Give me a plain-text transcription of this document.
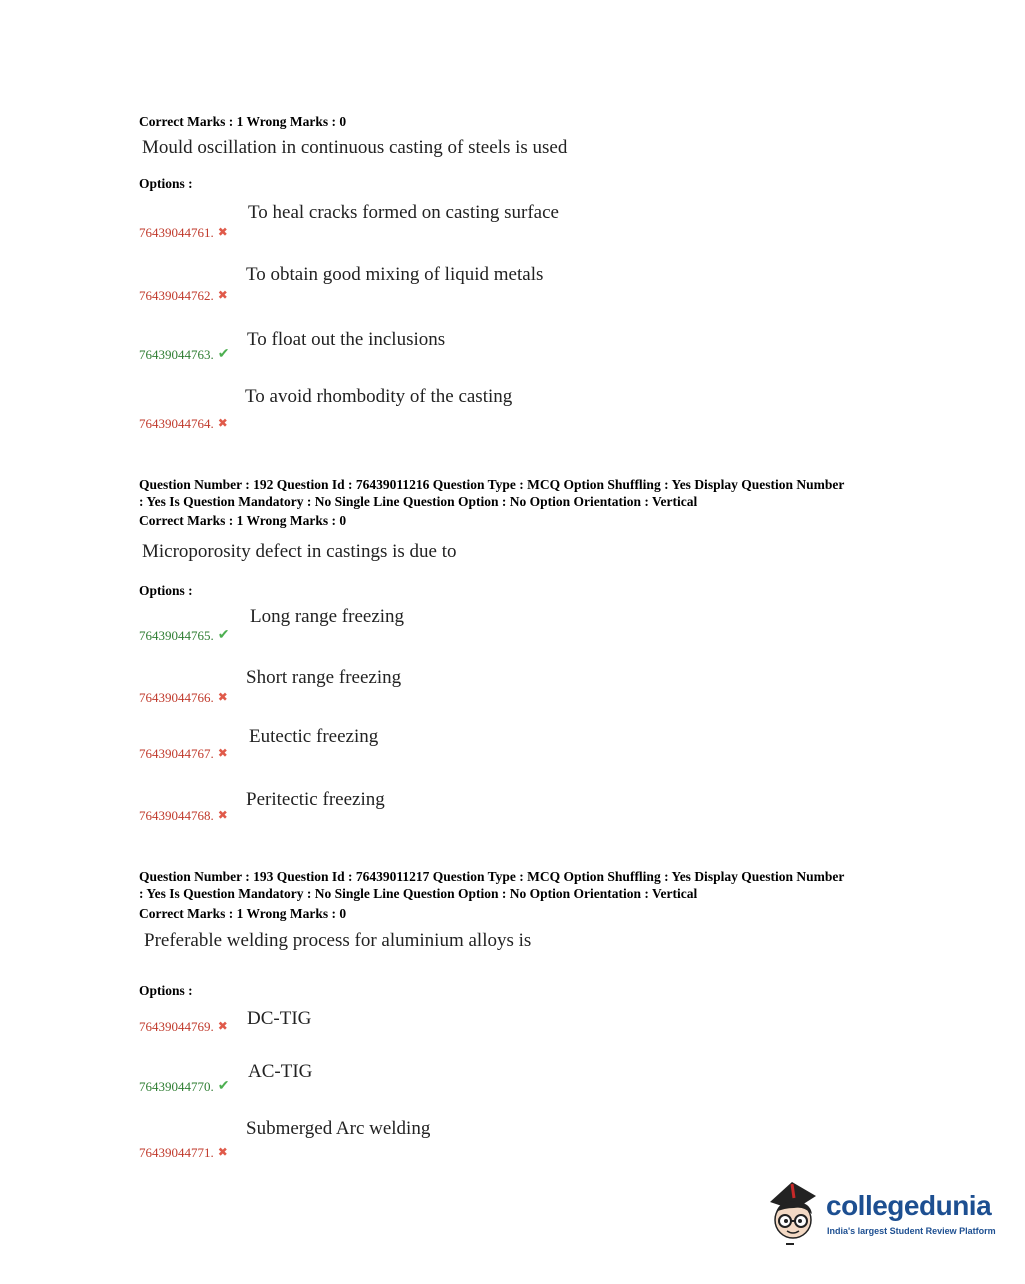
Correct Marks : 1 Wrong Marks : 0
Mould oscillation in continuous casting of steels is used
Options :
To heal cracks formed on casting surface
76439044761. ✖
To obtain good mixing of liquid metals
76439044762. ✖
To float out the inclusions
76439044763. ✔
To avoid rhombodity of the casting
76439044764. ✖
Question Number : 192 Question Id : 76439011216 Question Type : MCQ Option Shuffling : Yes Display Question Number
: Yes Is Question Mandatory : No Single Line Question Option : No Option Orientation : Vertical
Correct Marks : 1 Wrong Marks : 0
Microporosity defect in castings is due to
Options :
Long range freezing
76439044765. ✔
Short range freezing
76439044766. ✖
Eutectic freezing
76439044767. ✖
Peritectic freezing
76439044768. ✖
Question Number : 193 Question Id : 76439011217 Question Type : MCQ Option Shuffling : Yes Display Question Number
: Yes Is Question Mandatory : No Single Line Question Option : No Option Orientation : Vertical
Correct Marks : 1 Wrong Marks : 0
Preferable welding process for aluminium alloys is
Options :
76439044769. ✖ DC-TIG
AC-TIG
76439044770. ✔
Submerged Arc welding
76439044771. ✖
collegedunia
India's largest Student Review Platform
